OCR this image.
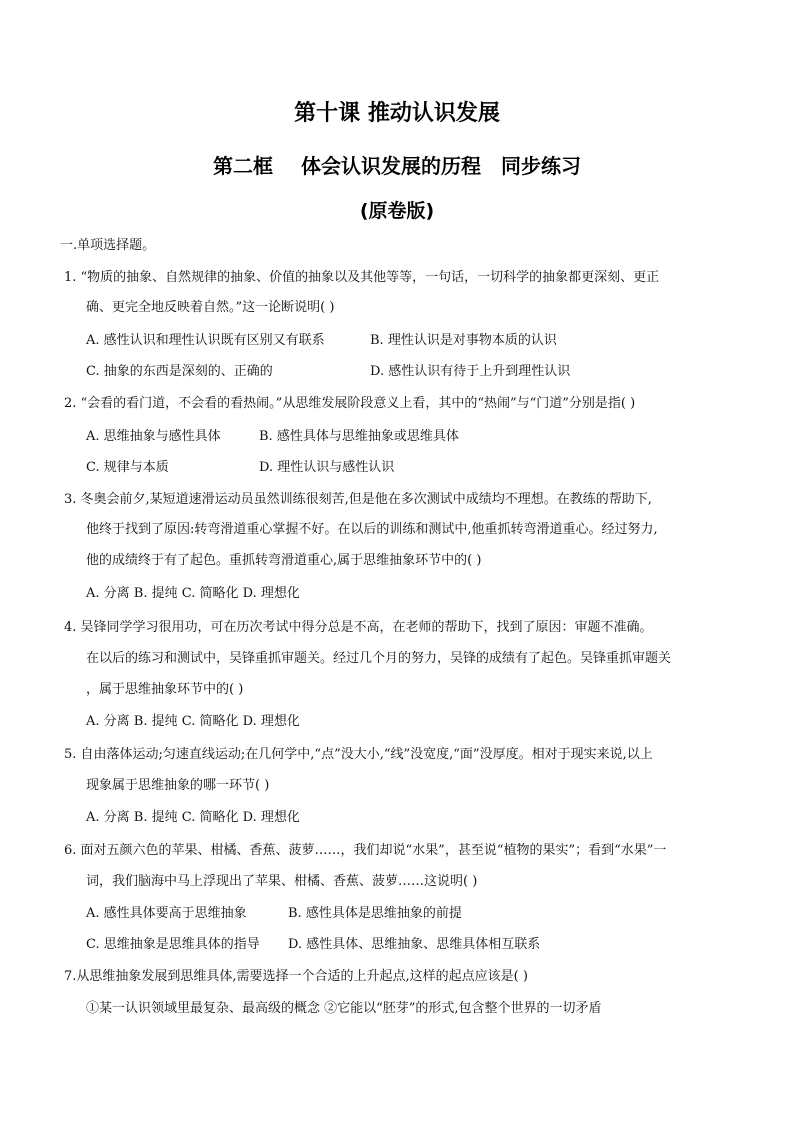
第十课 推动认识发展
第二框 体会认识发展的历程 同步练习
(原卷版)
一.单项选择题。
1. “物质的抽象、自然规律的抽象、价值的抽象以及其他等等，一句话，一切科学的抽象都更深刻、更正
确、更完全地反映着自然。”这一论断说明( )
A. 感性认识和理性认识既有区别又有联系	B. 理性认识是对事物本质的认识
C. 抽象的东西是深刻的、正确的	D. 感性认识有待于上升到理性认识
2. “会看的看门道，不会看的看热闹。”从思维发展阶段意义上看，其中的“热闹”与“门道”分别是指( )
A. 思维抽象与感性具体	B. 感性具体与思维抽象或思维具体
C. 规律与本质	D. 理性认识与感性认识
3. 冬奥会前夕,某短道速滑运动员虽然训练很刻苦,但是他在多次测试中成绩均不理想。在教练的帮助下,
他终于找到了原因:转弯滑道重心掌握不好。在以后的训练和测试中,他重抓转弯滑道重心。经过努力,
他的成绩终于有了起色。重抓转弯滑道重心,属于思维抽象环节中的( )
A. 分离 B. 提纯 C. 简略化 D. 理想化
4. 吴锋同学学习很用功，可在历次考试中得分总是不高，在老师的帮助下，找到了原因：审题不准确。
在以后的练习和测试中，吴锋重抓审题关。经过几个月的努力，吴锋的成绩有了起色。吴锋重抓审题关
，属于思维抽象环节中的( )
A. 分离 B. 提纯 C. 简略化 D. 理想化
5. 自由落体运动;匀速直线运动;在几何学中,“点”没大小,“线”没宽度,“面”没厚度。相对于现实来说,以上
现象属于思维抽象的哪一环节( )
A. 分离 B. 提纯 C. 简略化 D. 理想化
6. 面对五颜六色的苹果、柑橘、香蕉、菠萝……，我们却说“水果”，甚至说“植物的果实”；看到“水果”一
词，我们脑海中马上浮现出了苹果、柑橘、香蕉、菠萝……这说明( )
A. 感性具体要高于思维抽象	B. 感性具体是思维抽象的前提
C. 思维抽象是思维具体的指导 D. 感性具体、思维抽象、思维具体相互联系
7.从思维抽象发展到思维具体,需要选择一个合适的上升起点,这样的起点应该是( )
①某一认识领域里最复杂、最高级的概念 ②它能以“胚芽”的形式,包含整个世界的一切矛盾
